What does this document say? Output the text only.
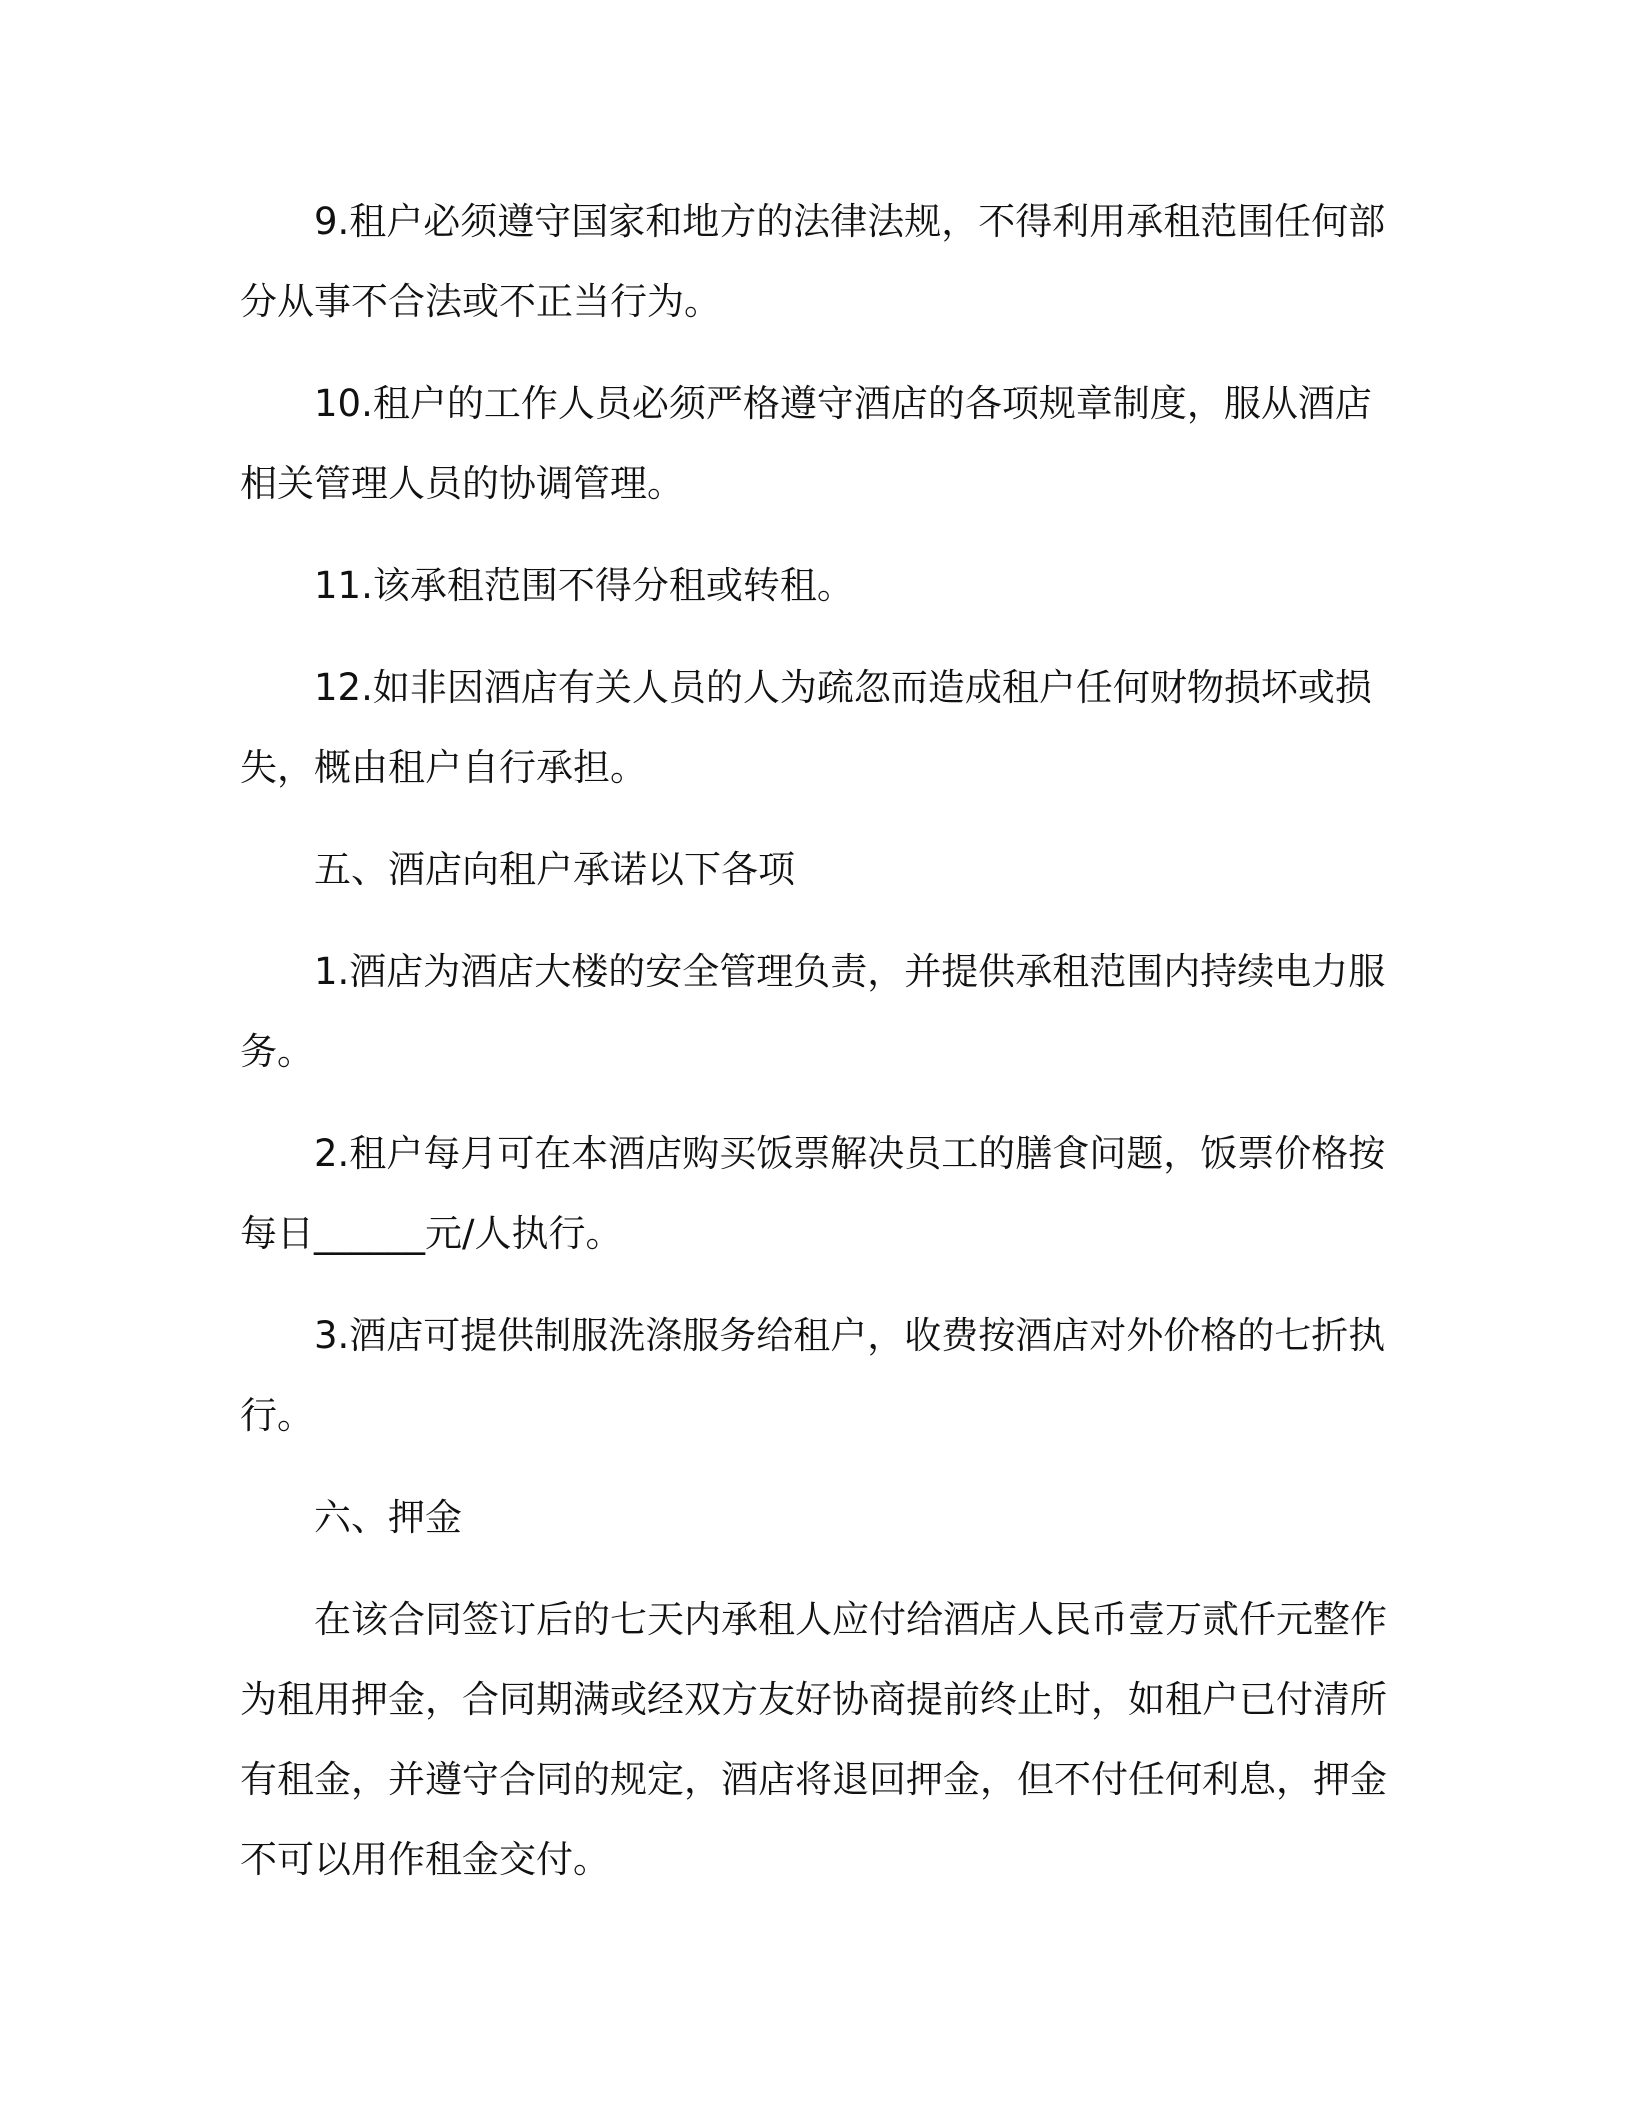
9.租户必须遵守国家和地方的法律法规，不得利用承租范围任何部分从事不合法或不正当行为。

10.租户的工作人员必须严格遵守酒店的各项规章制度，服从酒店相关管理人员的协调管理。

11.该承租范围不得分租或转租。

12.如非因酒店有关人员的人为疏忽而造成租户任何财物损坏或损失，概由租户自行承担。

五、酒店向租户承诺以下各项

1.酒店为酒店大楼的安全管理负责，并提供承租范围内持续电力服务。

2.租户每月可在本酒店购买饭票解决员工的膳食问题，饭票价格按每日______元/人执行。

3.酒店可提供制服洗涤服务给租户，收费按酒店对外价格的七折执行。

六、押金

在该合同签订后的七天内承租人应付给酒店人民币壹万贰仟元整作为租用押金，合同期满或经双方友好协商提前终止时，如租户已付清所有租金，并遵守合同的规定，酒店将退回押金，但不付任何利息，押金不可以用作租金交付。
